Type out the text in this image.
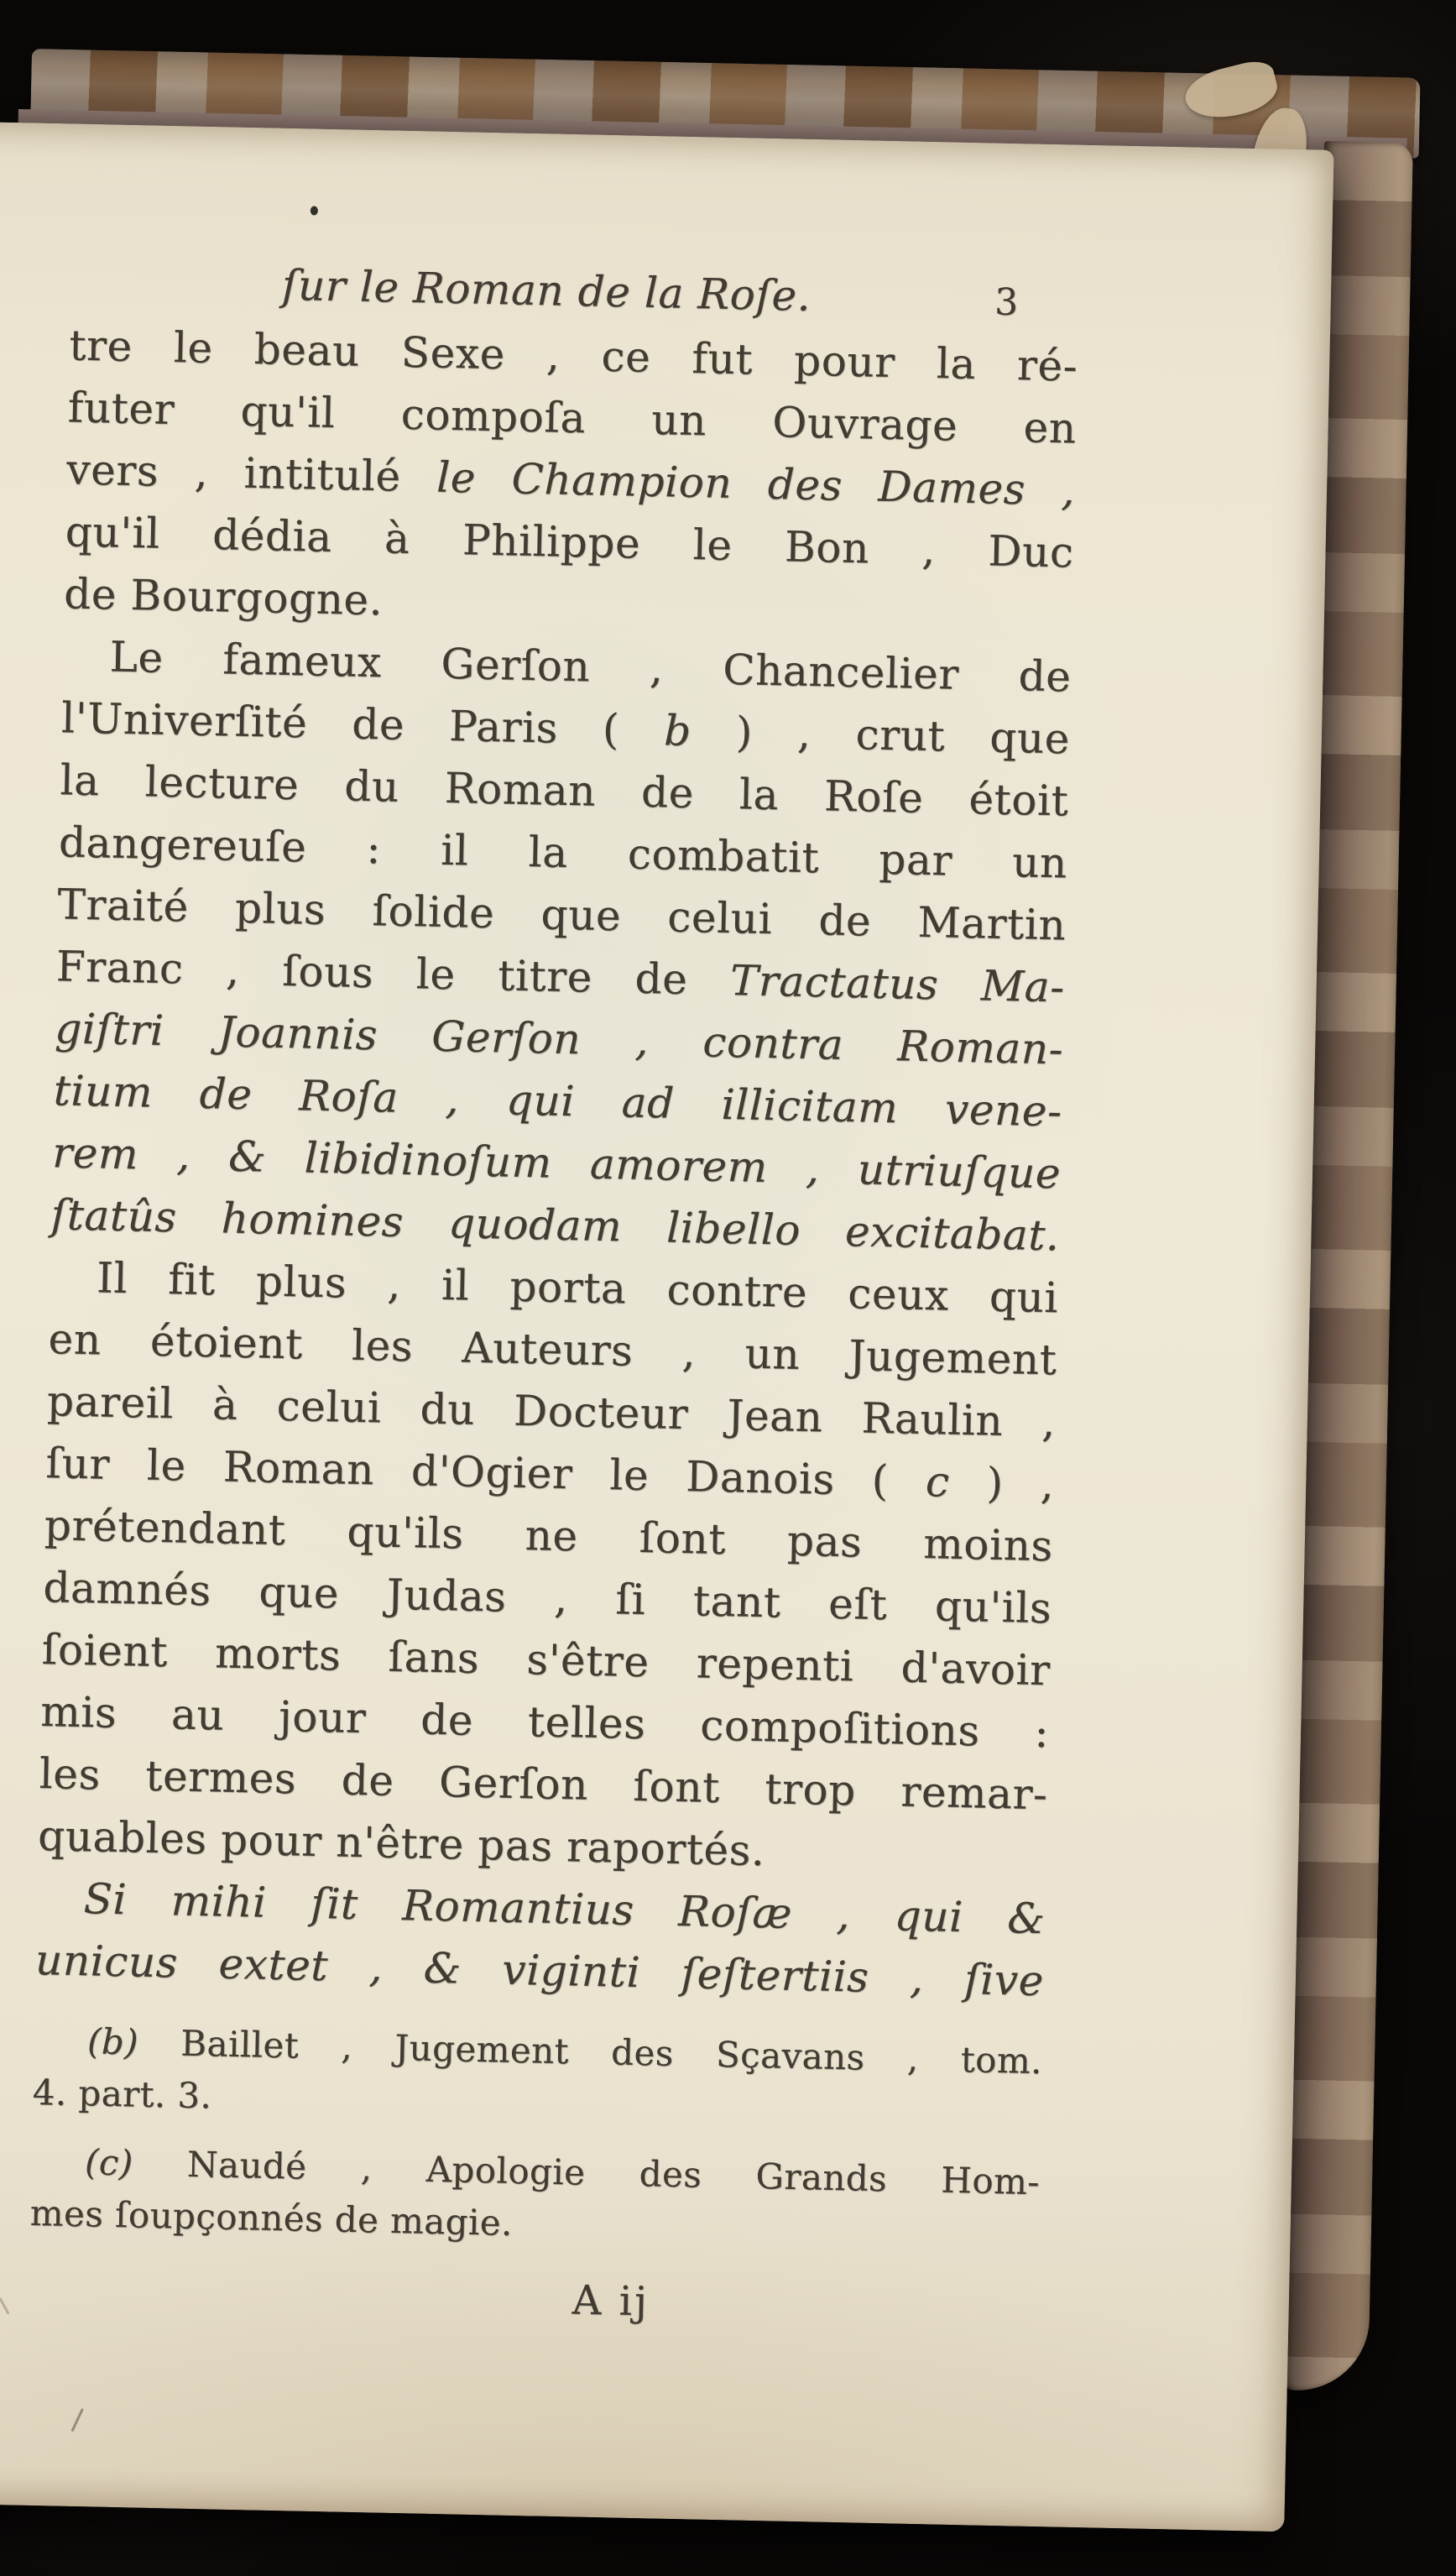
ſur le Roman de la Roſe.	3
tre le beau Sexe , ce fut pour la ré-
futer qu'il compoſa un Ouvrage en
vers , intitulé le Champion des Dames ,
qu'il dédia à Philippe le Bon , Duc
de Bourgogne.
Le fameux Gerſon , Chancelier de
l'Univerſité de Paris ( b ) , crut que
la lecture du Roman de la Roſe étoit
dangereuſe : il la combatit par un
Traité plus ſolide que celui de Martin
Franc , ſous le titre de Tractatus Ma-
giſtri Joannis Gerſon , contra Roman-
tium de Roſa , qui ad illicitam vene-
rem , & libidinoſum amorem , utriuſque
ſtatûs homines quodam libello excitabat.
Il fit plus , il porta contre ceux qui
en étoient les Auteurs , un Jugement
pareil à celui du Docteur Jean Raulin ,
ſur le Roman d'Ogier le Danois ( c ) ,
prétendant qu'ils ne ſont pas moins
damnés que Judas , ſi tant eſt qu'ils
ſoient morts ſans s'être repenti d'avoir
mis au jour de telles compoſitions :
les termes de Gerſon ſont trop remar-
quables pour n'être pas raportés.
Si mihi ſit Romantius Roſæ , qui &
unicus extet , & viginti ſeſtertiis , ſive
(b) Baillet , Jugement des Sçavans , tom.
4. part. 3.
(c) Naudé , Apologie des Grands Hom-
mes ſoupçonnés de magie.
A ij
